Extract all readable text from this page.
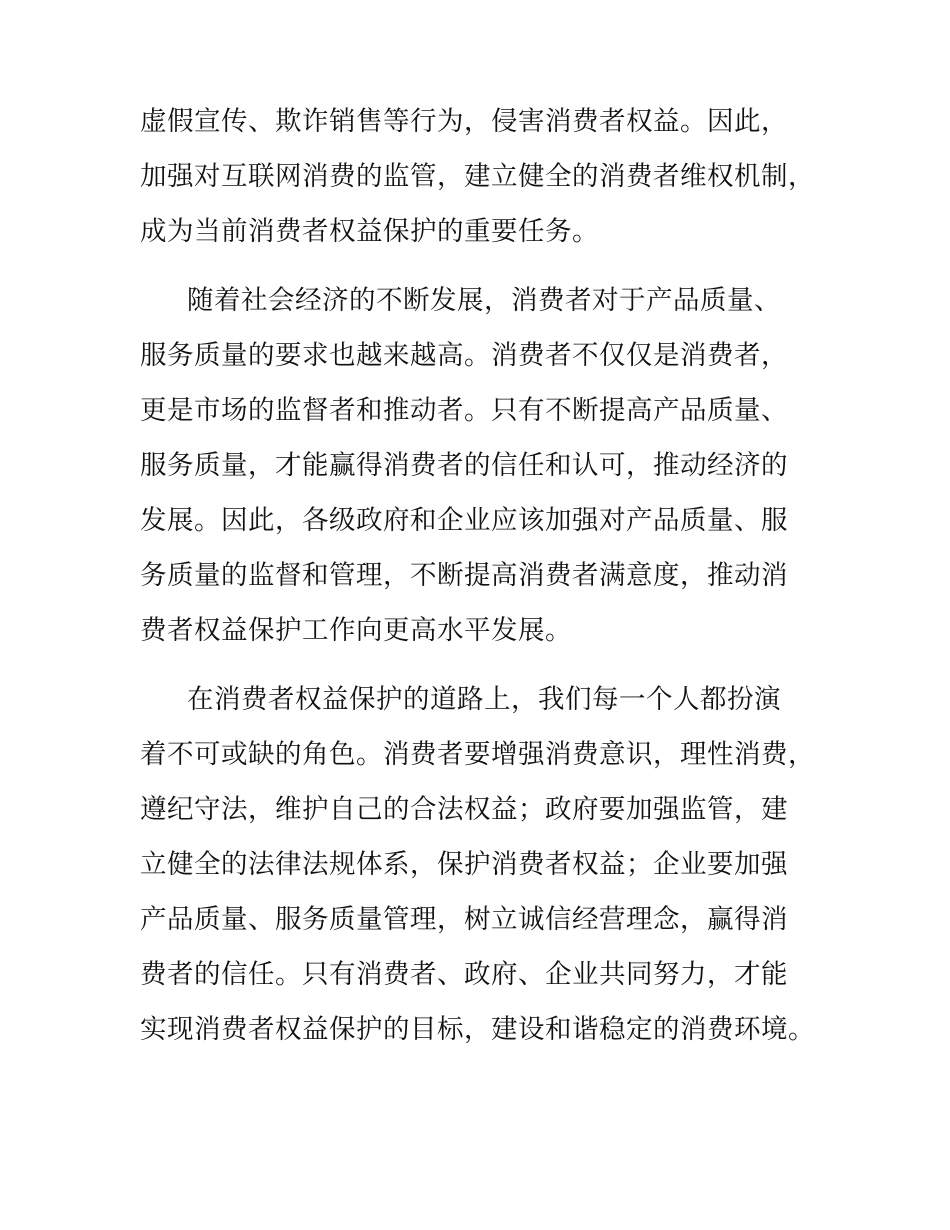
虚假宣传、欺诈销售等行为，侵害消费者权益。因此，
加强对互联网消费的监管，建立健全的消费者维权机制，
成为当前消费者权益保护的重要任务。
随着社会经济的不断发展，消费者对于产品质量、
服务质量的要求也越来越高。消费者不仅仅是消费者，
更是市场的监督者和推动者。只有不断提高产品质量、
服务质量，才能赢得消费者的信任和认可，推动经济的
发展。因此，各级政府和企业应该加强对产品质量、服
务质量的监督和管理，不断提高消费者满意度，推动消
费者权益保护工作向更高水平发展。
在消费者权益保护的道路上，我们每一个人都扮演
着不可或缺的角色。消费者要增强消费意识，理性消费，
遵纪守法，维护自己的合法权益；政府要加强监管，建
立健全的法律法规体系，保护消费者权益；企业要加强
产品质量、服务质量管理，树立诚信经营理念，赢得消
费者的信任。只有消费者、政府、企业共同努力，才能
实现消费者权益保护的目标，建设和谐稳定的消费环境。
